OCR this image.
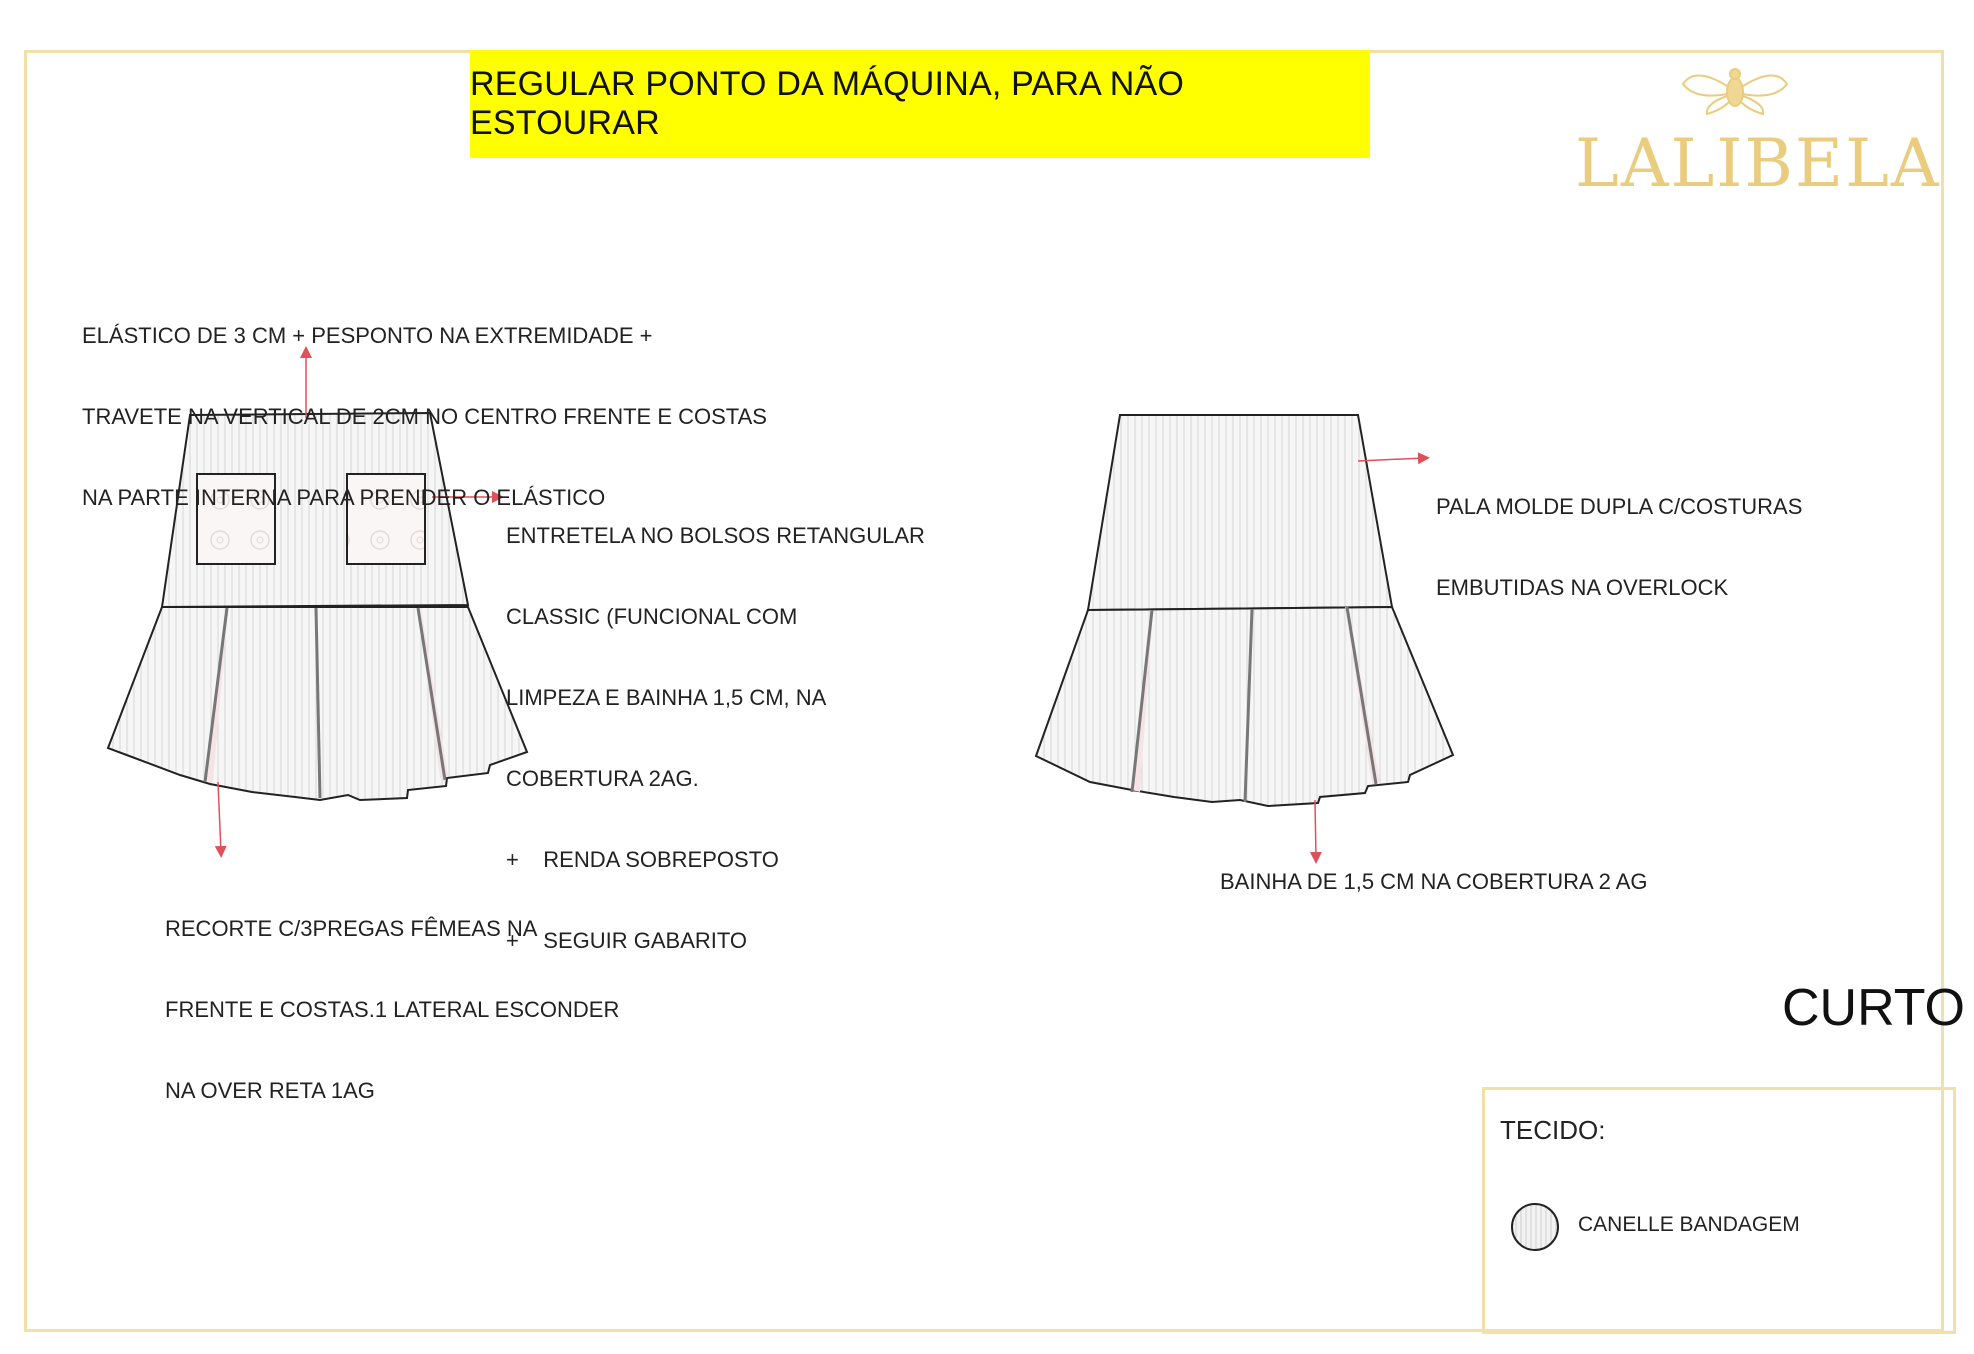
REGULAR PONTO DA MÁQUINA, PARA NÃO ESTOURAR
LALIBELA

ELÁSTICO DE 3 CM + PESPONTO NA EXTREMIDADE +

TRAVETE NA VERTICAL DE 2CM NO CENTRO FRENTE E COSTAS

NA PARTE INTERNA PARA PRENDER O ELÁSTICO

ENTRETELA NO BOLSOS RETANGULAR

CLASSIC (FUNCIONAL COM

LIMPEZA E BAINHA 1,5 CM, NA

COBERTURA 2AG.

+    RENDA SOBREPOSTO

+    SEGUIR GABARITO

RECORTE C/3PREGAS FÊMEAS NA

FRENTE E COSTAS.1 LATERAL ESCONDER

NA OVER RETA 1AG

PALA MOLDE DUPLA C/COSTURAS

EMBUTIDAS NA OVERLOCK

BAINHA DE 1,5 CM NA COBERTURA 2 AG
CURTO
TECIDO:
CANELLE BANDAGEM
